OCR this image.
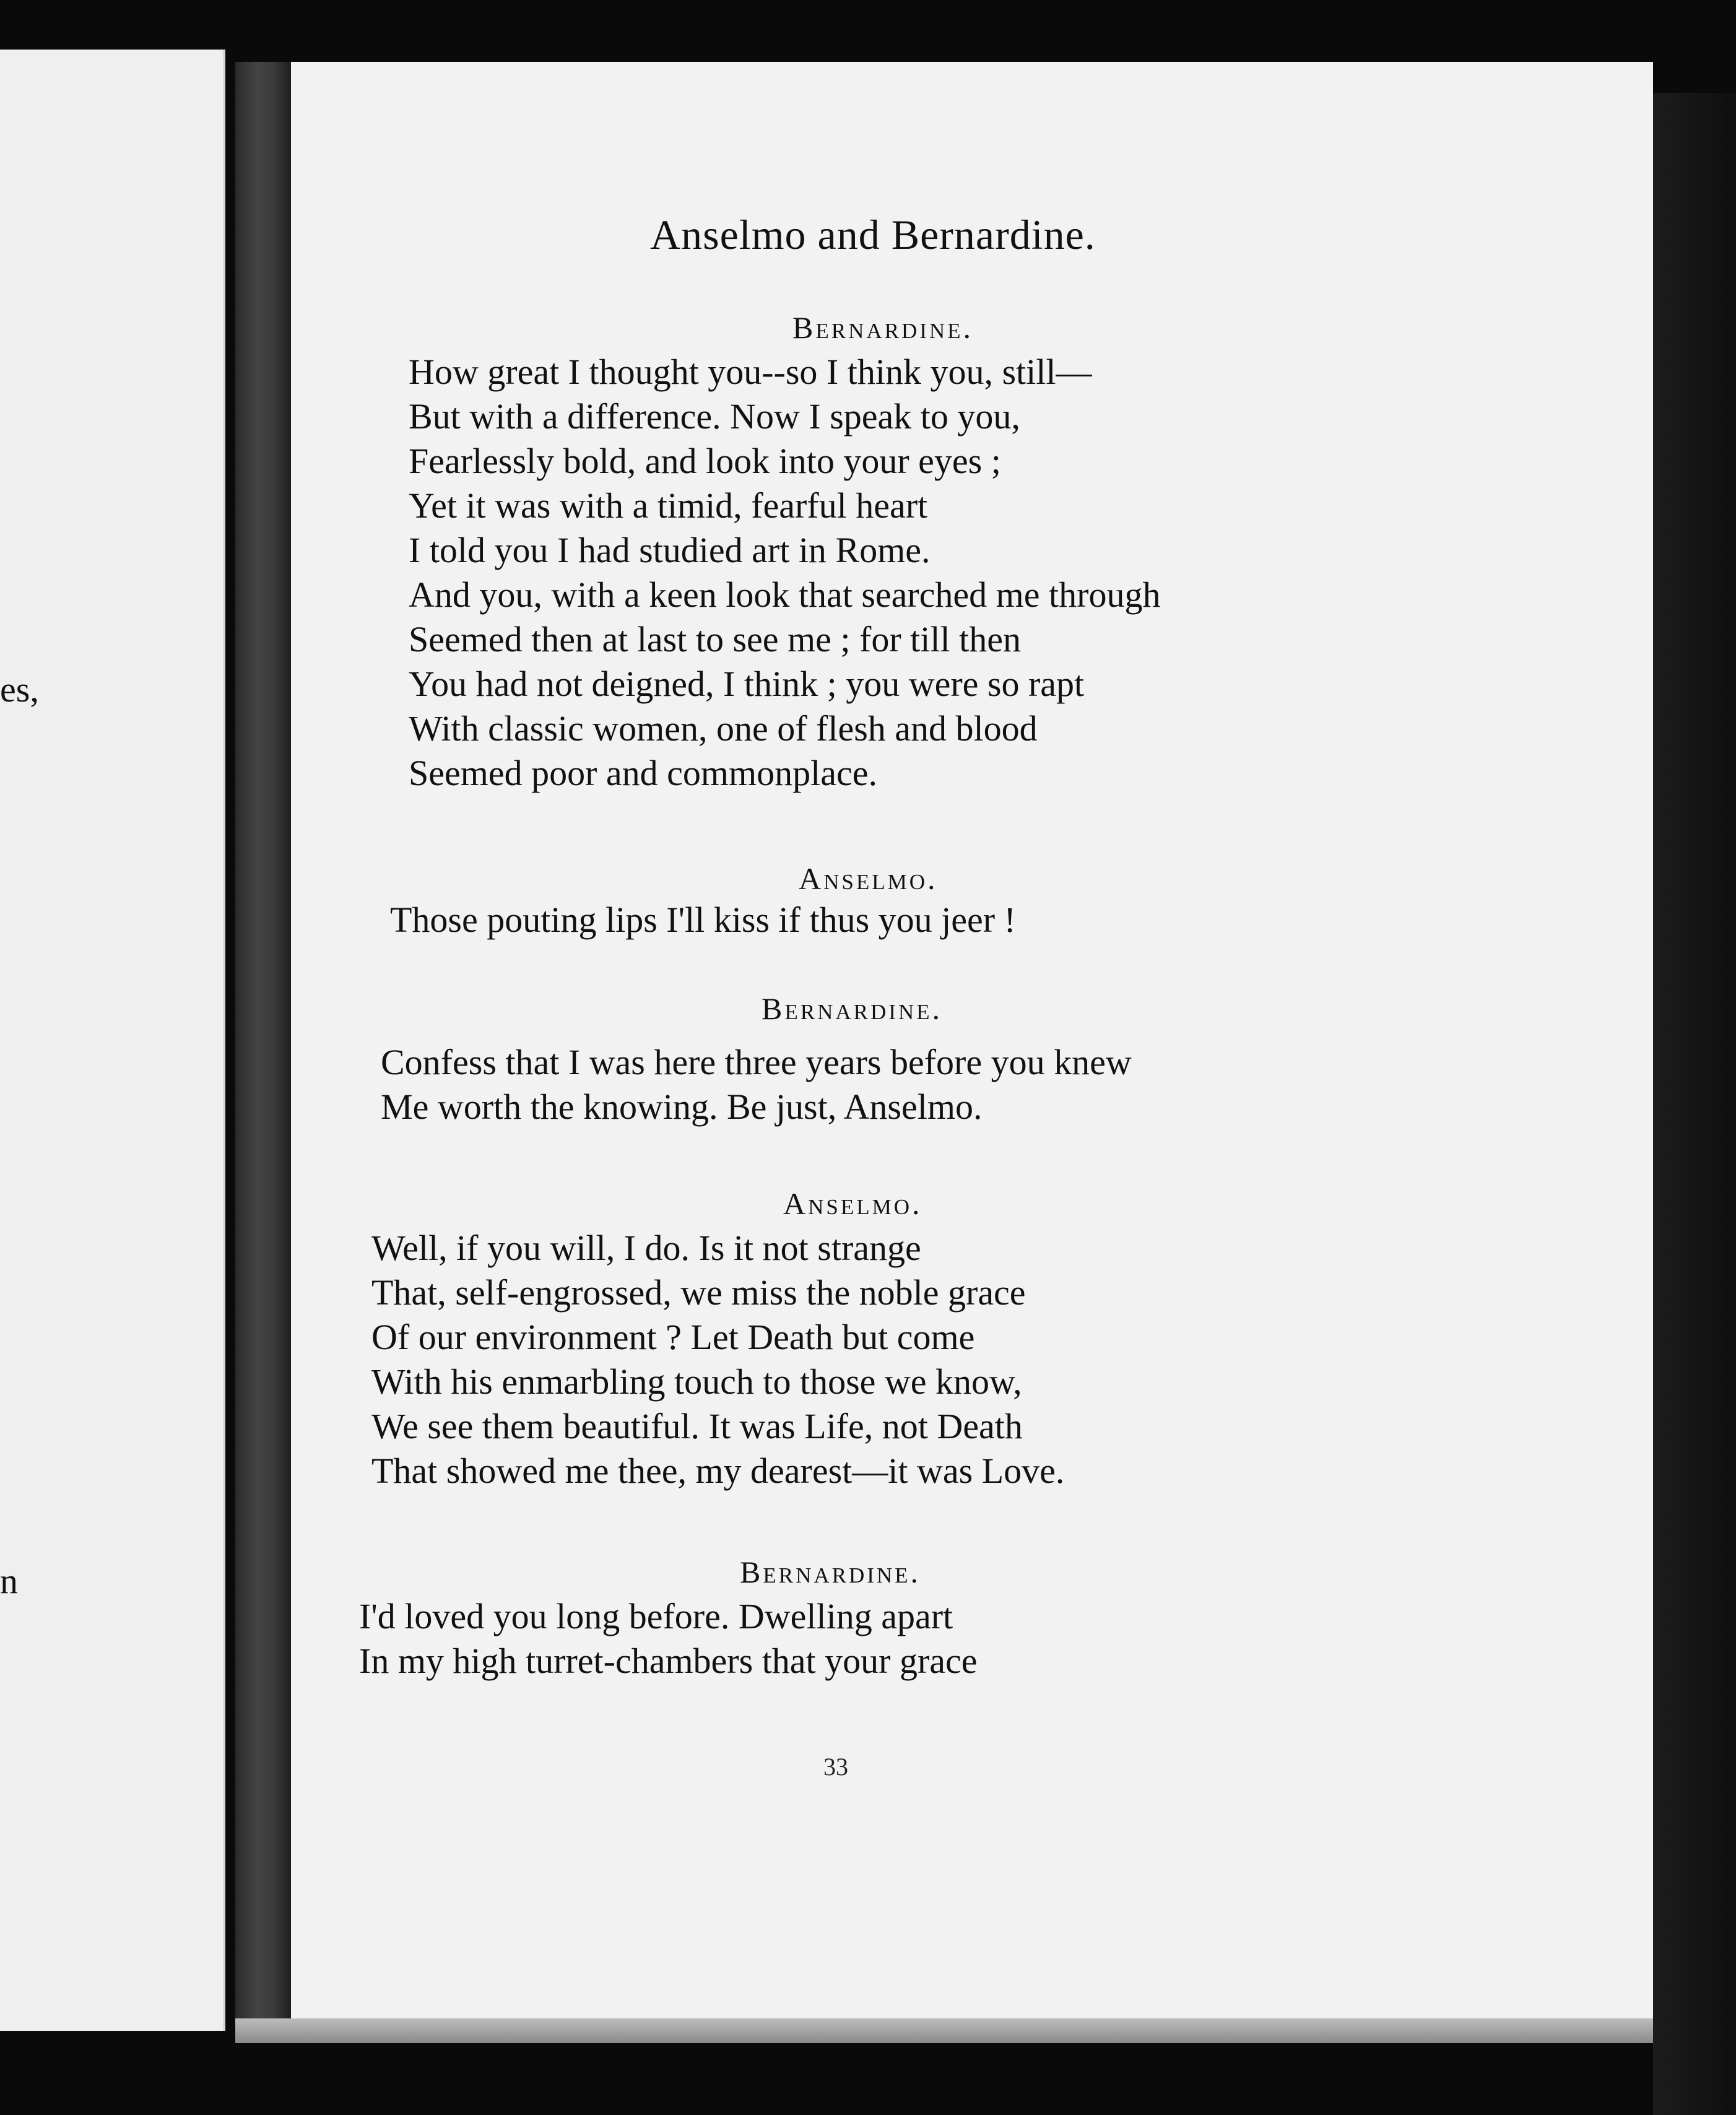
es,
n
Anselmo and Bernardine.
Bernardine.
How great I thought you--so I think you, still—
But with a difference. Now I speak to you,
Fearlessly bold, and look into your eyes ;
Yet it was with a timid, fearful heart
I told you I had studied art in Rome.
And you, with a keen look that searched me through
Seemed then at last to see me ; for till then
You had not deigned, I think ; you were so rapt
With classic women, one of flesh and blood
Seemed poor and commonplace.
Anselmo.
Those pouting lips I'll kiss if thus you jeer !
Bernardine.
Confess that I was here three years before you knew
Me worth the knowing. Be just, Anselmo.
Anselmo.
Well, if you will, I do. Is it not strange
That, self-engrossed, we miss the noble grace
Of our environment ? Let Death but come
With his enmarbling touch to those we know,
We see them beautiful. It was Life, not Death
That showed me thee, my dearest—it was Love.
Bernardine.
I'd loved you long before. Dwelling apart
In my high turret-chambers that your grace
33
